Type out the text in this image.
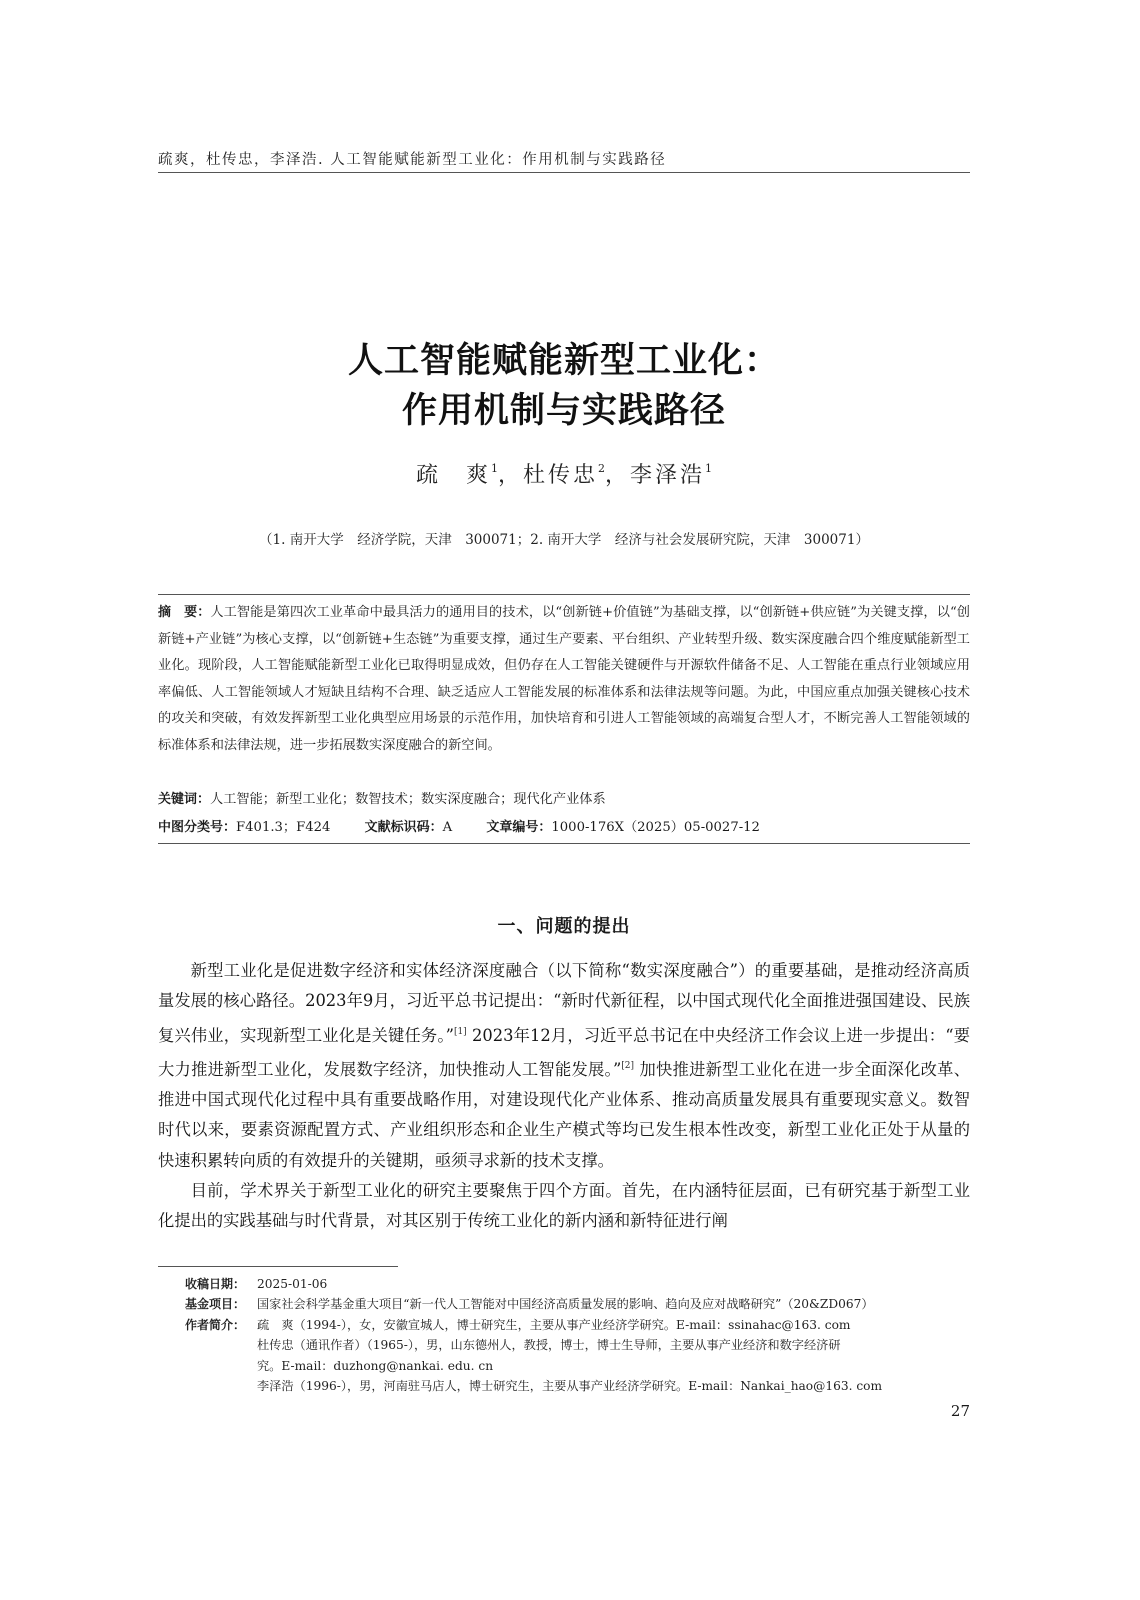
疏爽，杜传忠，李泽浩. 人工智能赋能新型工业化：作用机制与实践路径
人工智能赋能新型工业化：
作用机制与实践路径
疏　爽$^1$，杜传忠$^2$，李泽浩$^1$
（1. 南开大学　经济学院，天津　300071；2. 南开大学　经济与社会发展研究院，天津　300071）
摘　要：人工智能是第四次工业革命中最具活力的通用目的技术，以“创新链+价值链”为基础支撑，以“创新链+供应链”为关键支撑，以“创新链+产业链”为核心支撑，以“创新链+生态链”为重要支撑，通过生产要素、平台组织、产业转型升级、数实深度融合四个维度赋能新型工业化。现阶段，人工智能赋能新型工业化已取得明显成效，但仍存在人工智能关键硬件与开源软件储备不足、人工智能在重点行业领域应用率偏低、人工智能领域人才短缺且结构不合理、缺乏适应人工智能发展的标准体系和法律法规等问题。为此，中国应重点加强关键核心技术的攻关和突破，有效发挥新型工业化典型应用场景的示范作用，加快培育和引进人工智能领域的高端复合型人才，不断完善人工智能领域的标准体系和法律法规，进一步拓展数实深度融合的新空间。
关键词：人工智能；新型工业化；数智技术；数实深度融合；现代化产业体系
中图分类号：F401.3；F424	文献标识码：A	文章编号：1000-176X（2025）05-0027-12
一、问题的提出

新型工业化是促进数字经济和实体经济深度融合（以下简称“数实深度融合”）的重要基础，是推动经济高质量发展的核心路径。2023年9月，习近平总书记提出：“新时代新征程，以中国式现代化全面推进强国建设、民族复兴伟业，实现新型工业化是关键任务。”[1] 2023年12月，习近平总书记在中央经济工作会议上进一步提出：“要大力推进新型工业化，发展数字经济，加快推动人工智能发展。”[2] 加快推进新型工业化在进一步全面深化改革、推进中国式现代化过程中具有重要战略作用，对建设现代化产业体系、推动高质量发展具有重要现实意义。数智时代以来，要素资源配置方式、产业组织形态和企业生产模式等均已发生根本性改变，新型工业化正处于从量的快速积累转向质的有效提升的关键期，亟须寻求新的技术支撑。

目前，学术界关于新型工业化的研究主要聚焦于四个方面。首先，在内涵特征层面，已有研究基于新型工业化提出的实践基础与时代背景，对其区别于传统工业化的新内涵和新特征进行阐

收稿日期： 2025-01-06
基金项目： 国家社会科学基金重大项目“新一代人工智能对中国经济高质量发展的影响、趋向及应对战略研究”（20&ZD067）
作者简介： 疏　爽（1994-），女，安徽宣城人，博士研究生，主要从事产业经济学研究。E-mail：ssinahac@163. com
杜传忠（通讯作者）（1965-），男，山东德州人，教授，博士，博士生导师，主要从事产业经济和数字经济研
究。E-mail：duzhong@nankai. edu. cn
李泽浩（1996-），男，河南驻马店人，博士研究生，主要从事产业经济学研究。E-mail：Nankai_hao@163. com
27
